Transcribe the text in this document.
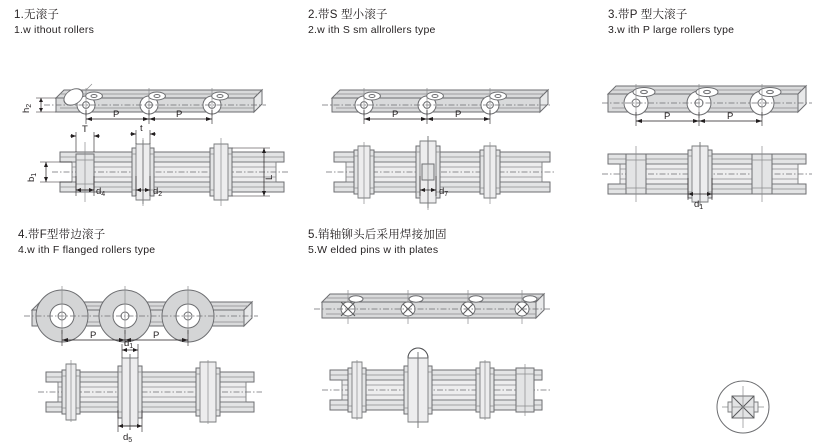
1.无滚子
1.w ithout rollers
$h_2$
P	P
T	t
$b_1$	L
$d_4$	$d_2$
2.带S 型小滚子
2.w ith S sm allrollers type
P	P
$d_7$
3.带P 型大滚子
3.w ith P large rollers type
P	P
$d_1$
4.带F型带边滚子
4.w ith F flanged rollers type
P	P
$d_1$
$d_5$
5.销轴铆头后采用焊接加固
5.W elded pins w ith plates
